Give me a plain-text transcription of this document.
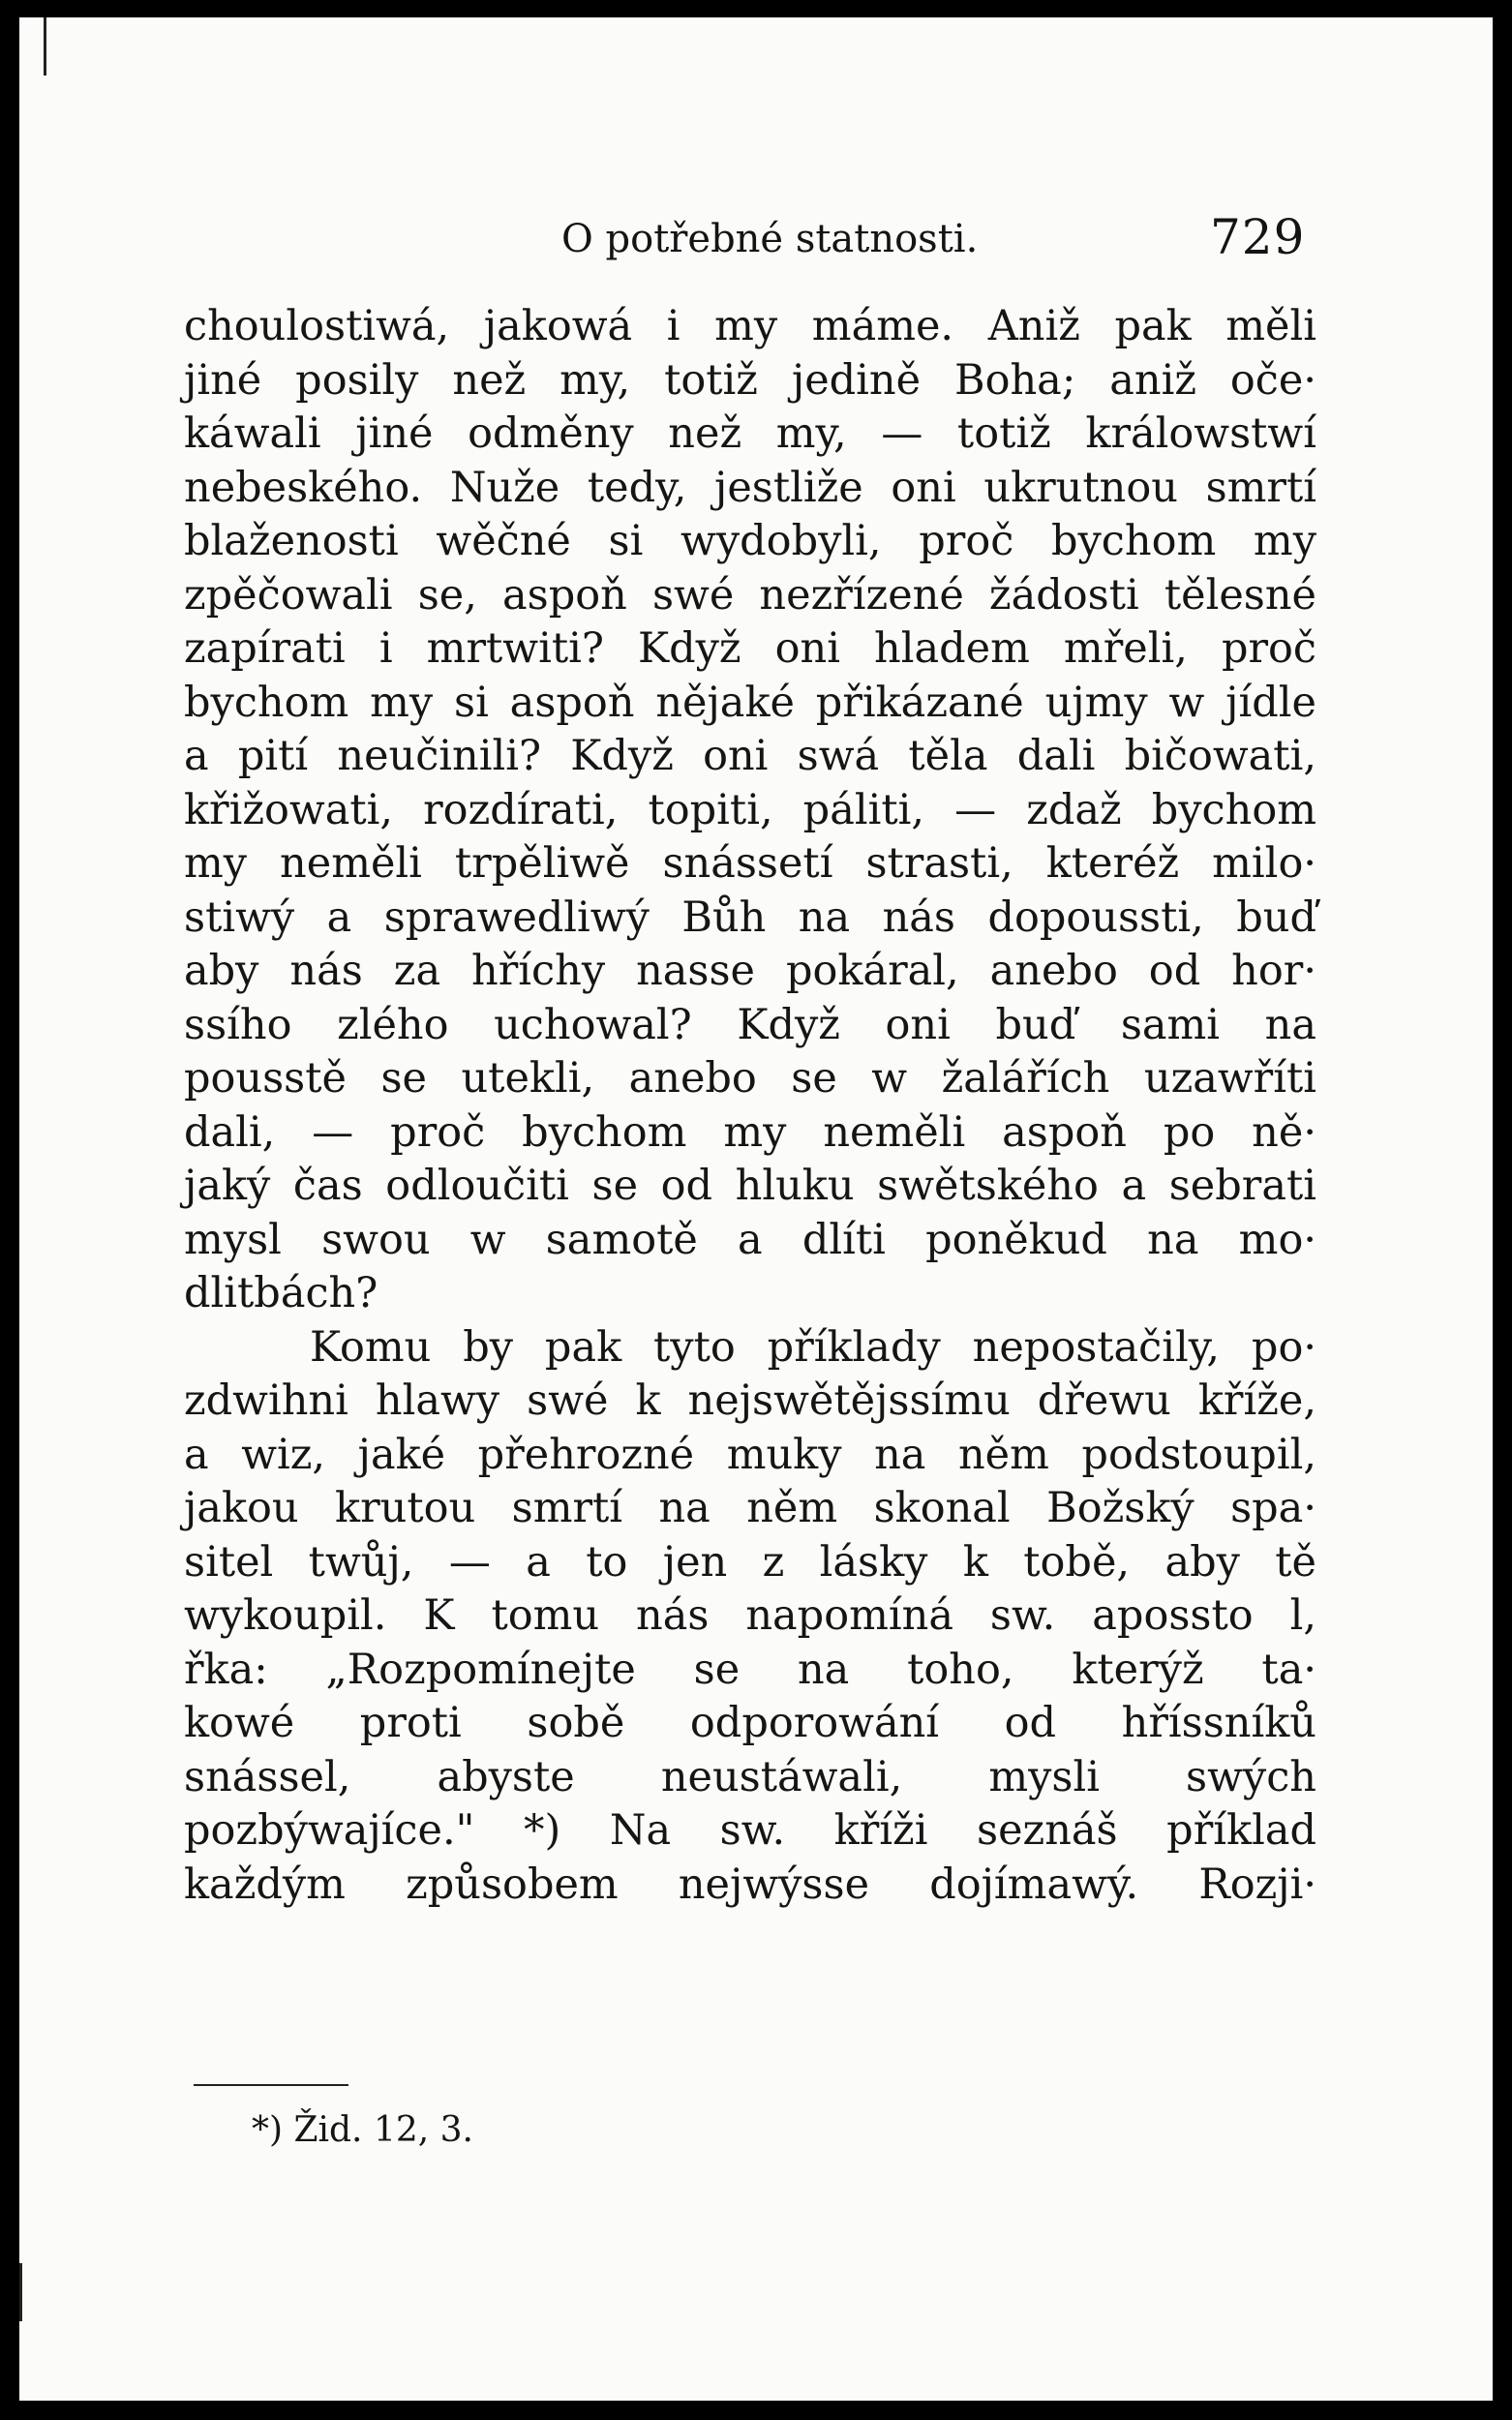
O potřebné statnosti.	729
choulostiwá, jakowá i my máme. Aniž pak měli
jiné posily než my, totiž jedině Boha; aniž oče·
káwali jiné odměny než my, — totiž králowstwí
nebeského. Nuže tedy, jestliže oni ukrutnou smrtí
blaženosti wěčné si wydobyli, proč bychom my
zpěčowali se, aspoň swé nezřízené žádosti tělesné
zapírati i mrtwiti? Když oni hladem mřeli, proč
bychom my si aspoň nějaké přikázané ujmy w jídle
a pití neučinili? Když oni swá těla dali bičowati,
křižowati, rozdírati, topiti, páliti, — zdaž bychom
my neměli trpěliwě snássetí strasti, kteréž milo·
stiwý a sprawedliwý Bůh na nás dopoussti, buď
aby nás za hříchy nasse pokáral, anebo od hor·
ssího zlého uchowal? Když oni buď sami na
pousstě se utekli, anebo se w žalářích uzawříti
dali, — proč bychom my neměli aspoň po ně·
jaký čas odloučiti se od hluku swětského a sebrati
mysl swou w samotě a dlíti poněkud na mo·
dlitbách?
Komu by pak tyto příklady nepostačily, po·
zdwihni hlawy swé k nejswětějssímu dřewu kříže,
a wiz, jaké přehrozné muky na něm podstoupil,
jakou krutou smrtí na něm skonal Božský spa·
sitel twůj, — a to jen z lásky k tobě, aby tě
wykoupil. K tomu nás napomíná sw. apossto l,
řka: „Rozpomínejte se na toho, kterýž ta·
kowé proti sobě odporowání od hříssníků
snássel, abyste neustáwali, mysli swých
pozbýwajíce." *) Na sw. kříži seznáš příklad
každým způsobem nejwýsse dojímawý. Rozji·
*) Žid. 12, 3.
